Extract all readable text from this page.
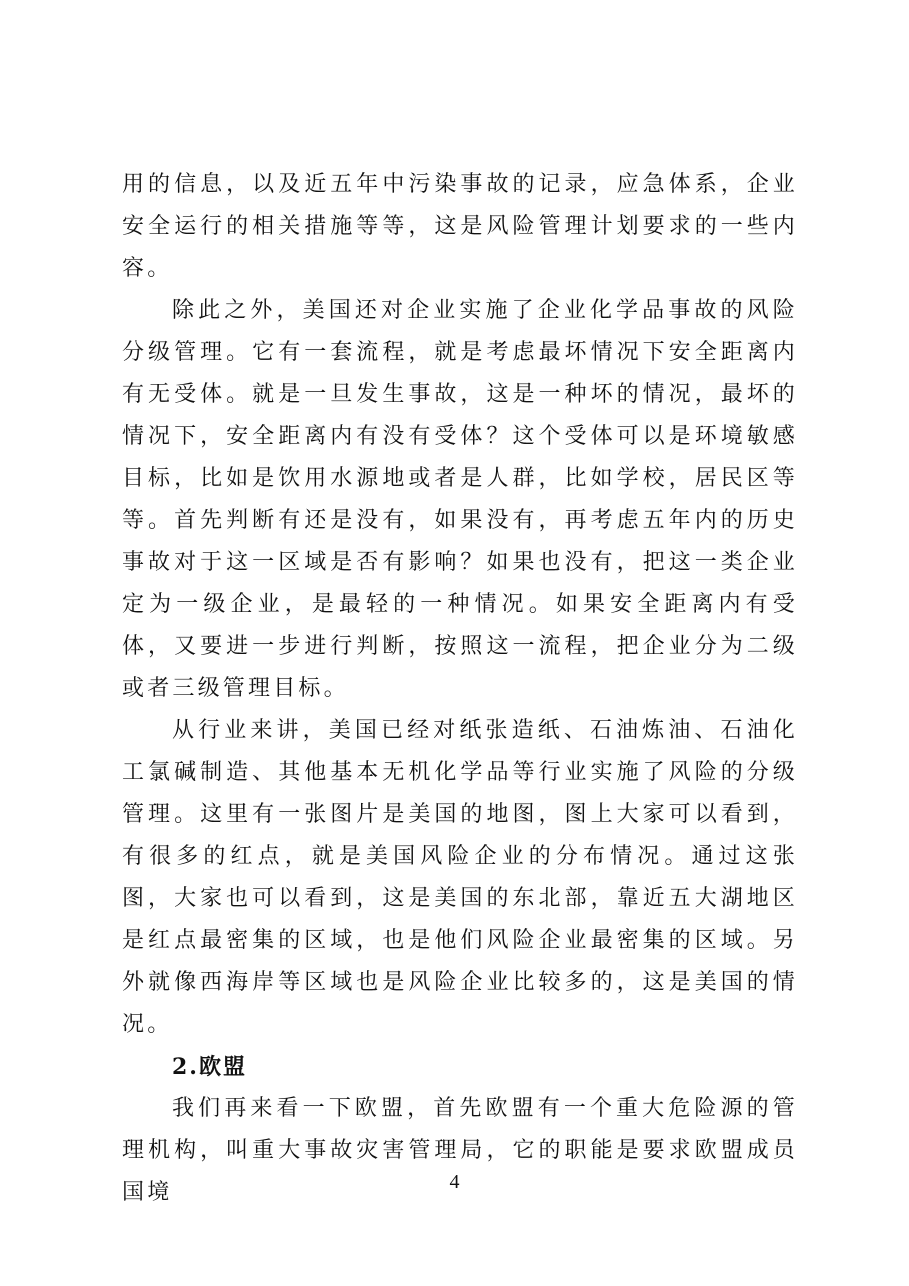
用的信息，以及近五年中污染事故的记录，应急体系，企业安全运行的相关措施等等，这是风险管理计划要求的一些内容。

除此之外，美国还对企业实施了企业化学品事故的风险分级管理。它有一套流程，就是考虑最坏情况下安全距离内有无受体。就是一旦发生事故，这是一种坏的情况，最坏的情况下，安全距离内有没有受体？这个受体可以是环境敏感目标，比如是饮用水源地或者是人群，比如学校，居民区等等。首先判断有还是没有，如果没有，再考虑五年内的历史事故对于这一区域是否有影响？如果也没有，把这一类企业定为一级企业，是最轻的一种情况。如果安全距离内有受体，又要进一步进行判断，按照这一流程，把企业分为二级或者三级管理目标。

从行业来讲，美国已经对纸张造纸、石油炼油、石油化工氯碱制造、其他基本无机化学品等行业实施了风险的分级管理。这里有一张图片是美国的地图，图上大家可以看到，有很多的红点，就是美国风险企业的分布情况。通过这张图，大家也可以看到，这是美国的东北部，靠近五大湖地区是红点最密集的区域，也是他们风险企业最密集的区域。另外就像西海岸等区域也是风险企业比较多的，这是美国的情况。

2.欧盟

我们再来看一下欧盟，首先欧盟有一个重大危险源的管理机构，叫重大事故灾害管理局，它的职能是要求欧盟成员国境	4
